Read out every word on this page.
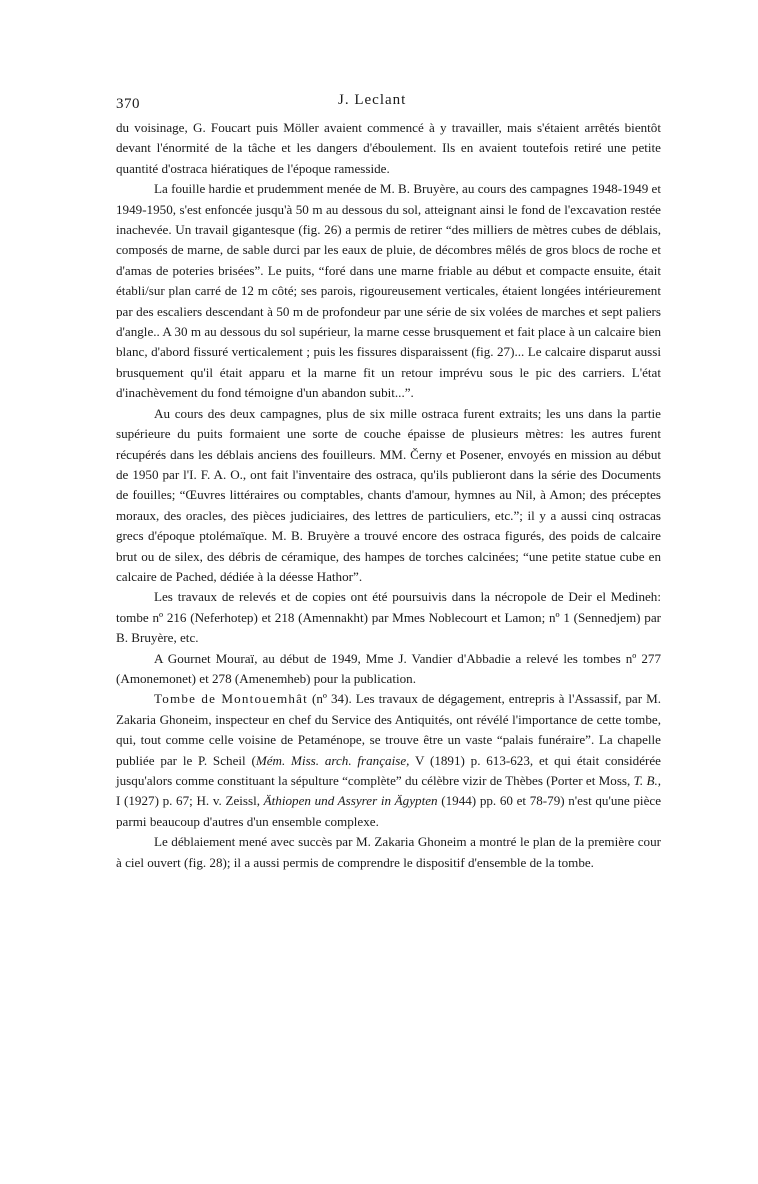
370	J. Leclant

du voisinage, G. Foucart puis Möller avaient commencé à y travailler, mais s'étaient arrêtés bientôt devant l'énormité de la tâche et les dangers d'éboulement. Ils en avaient toutefois retiré une petite quantité d'ostraca hiératiques de l'époque ramesside.

La fouille hardie et prudemment menée de M. B. Bruyère, au cours des campagnes 1948-1949 et 1949-1950, s'est enfoncée jusqu'à 50 m au dessous du sol, atteignant ainsi le fond de l'excavation restée inachevée. Un travail gigantesque (fig. 26) a permis de retirer “des milliers de mètres cubes de déblais, composés de marne, de sable durci par les eaux de pluie, de décombres mêlés de gros blocs de roche et d'amas de poteries brisées”. Le puits, “foré dans une marne friable au début et compacte ensuite, était établi/sur plan carré de 12 m côté; ses parois, rigoureusement verticales, étaient longées intérieurement par des escaliers descendant à 50 m de profondeur par une série de six volées de marches et sept paliers d'angle.. A 30 m au dessous du sol supérieur, la marne cesse brusquement et fait place à un calcaire bien blanc, d'abord fissuré verticalement ; puis les fissures disparaissent (fig. 27)... Le calcaire disparut aussi brusquement qu'il était apparu et la marne fit un retour imprévu sous le pic des carriers. L'état d'inachèvement du fond témoigne d'un abandon subit...”.

Au cours des deux campagnes, plus de six mille ostraca furent extraits; les uns dans la partie supérieure du puits formaient une sorte de couche épaisse de plusieurs mètres: les autres furent récupérés dans les déblais anciens des fouilleurs. MM. Černy et Posener, envoyés en mission au début de 1950 par l'I. F. A. O., ont fait l'inventaire des ostraca, qu'ils publieront dans la série des Documents de fouilles; “Œuvres littéraires ou comptables, chants d'amour, hymnes au Nil, à Amon; des préceptes moraux, des oracles, des pièces judiciaires, des lettres de particuliers, etc.”; il y a aussi cinq ostracas grecs d'époque ptolémaïque. M. B. Bruyère a trouvé encore des ostraca figurés, des poids de calcaire brut ou de silex, des débris de céramique, des hampes de torches calcinées; “une petite statue cube en calcaire de Pached, dédiée à la déesse Hathor”.

Les travaux de relevés et de copies ont été poursuivis dans la nécropole de Deir el Medineh: tombe nº 216 (Neferhotep) et 218 (Amennakht) par Mmes Noblecourt et Lamon; nº 1 (Sennedjem) par B. Bruyère, etc.

A Gournet Mouraï, au début de 1949, Mme J. Vandier d'Abbadie a relevé les tombes nº 277 (Amonemonet) et 278 (Amenemheb) pour la publication.

Tombe de Montouemhât (nº 34). Les travaux de dégagement, entrepris à l'Assassif, par M. Zakaria Ghoneim, inspecteur en chef du Service des Antiquités, ont révélé l'importance de cette tombe, qui, tout comme celle voisine de Petaménope, se trouve être un vaste “palais funéraire”. La chapelle publiée par le P. Scheil (Mém. Miss. arch. française, V (1891) p. 613-623, et qui était considérée jusqu'alors comme constituant la sépulture “complète” du célèbre vizir de Thèbes (Porter et Moss, T. B., I (1927) p. 67; H. v. Zeissl, Äthiopen und Assyrer in Ägypten (1944) pp. 60 et 78-79) n'est qu'une pièce parmi beaucoup d'autres d'un ensemble complexe.

Le déblaiement mené avec succès par M. Zakaria Ghoneim a montré le plan de la première cour à ciel ouvert (fig. 28); il a aussi permis de comprendre le dispositif d'ensemble de la tombe.
